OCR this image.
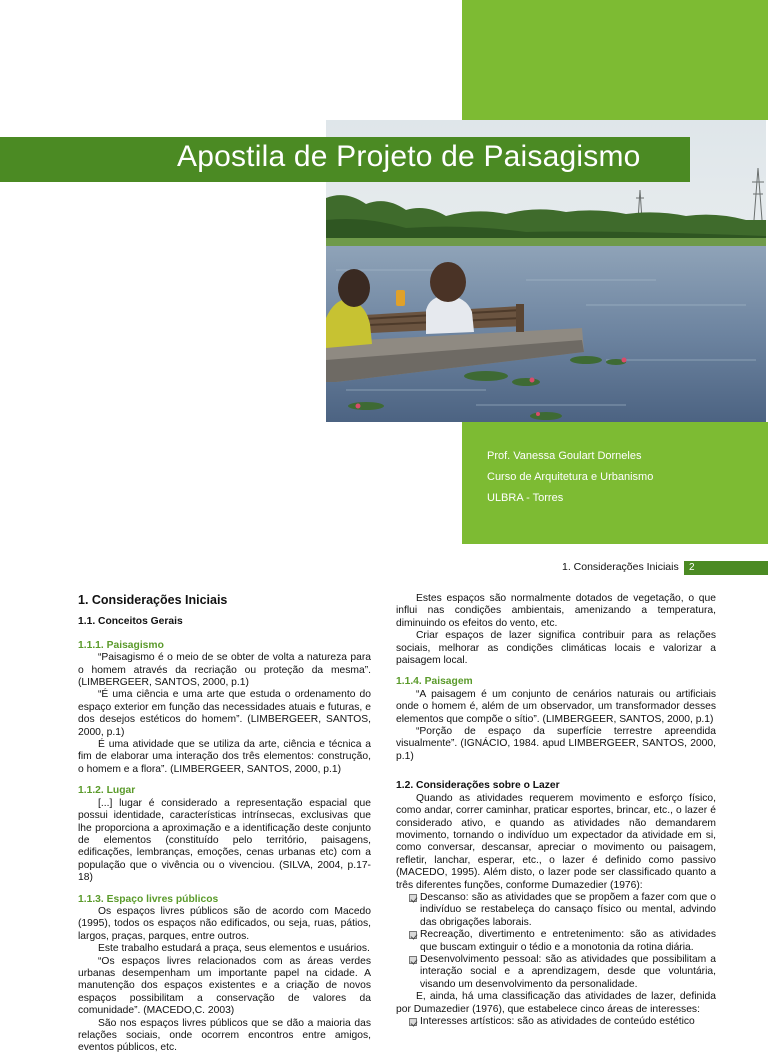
Apostila de Projeto de Paisagismo
Prof. Vanessa Goulart Dorneles
Curso de Arquitetura e Urbanismo
ULBRA - Torres
1. Considerações Iniciais	2
1. Considerações Iniciais
1.1. Conceitos Gerais
1.1.1. Paisagismo
“Paisagismo é o meio de se obter de volta a natureza para o homem através da recriação ou proteção da mesma”. (LIMBERGEER, SANTOS, 2000, p.1)
“É uma ciência e uma arte que estuda o ordenamento do espaço exterior em função das necessidades atuais e futuras, e dos desejos estéticos do homem”. (LIMBERGEER, SANTOS, 2000, p.1)
É uma atividade que se utiliza da arte, ciência e técnica a fim de elaborar uma interação dos três elementos: construção, o homem e a flora”. (LIMBERGEER, SANTOS, 2000, p.1)
1.1.2. Lugar
[...] lugar é considerado a representação espacial que possui identidade, características intrínsecas, exclusivas que lhe proporciona a aproximação e a identificação deste conjunto de elementos (constituído pelo território, paisagens, edificações, lembranças, emoções, cenas urbanas etc) com a população que o vivência ou o vivenciou. (SILVA, 2004, p.17-18)
1.1.3. Espaço livres públicos
Os espaços livres públicos são de acordo com Macedo (1995), todos os espaços não edificados, ou seja, ruas, pátios, largos, praças, parques, entre outros.
Este trabalho estudará a praça, seus elementos e usuários.
“Os espaços livres relacionados com as áreas verdes urbanas desempenham um importante papel na cidade. A manutenção dos espaços existentes e a criação de novos espaços possibilitam a conservação de valores da comunidade”. (MACEDO,C. 2003)
São nos espaços livres públicos que se dão a maioria das relações sociais, onde ocorrem encontros entre amigos, eventos públicos, etc.
Estes espaços são normalmente dotados de vegetação, o que influi nas condições ambientais, amenizando a temperatura, diminuindo os efeitos do vento, etc.
Criar espaços de lazer significa contribuir para as relações sociais, melhorar as condições climáticas locais e valorizar a paisagem local.
1.1.4. Paisagem
“A paisagem é um conjunto de cenários naturais ou artificiais onde o homem é, além de um observador, um transformador desses elementos que compõe o sítio”. (LIMBERGEER, SANTOS, 2000, p.1)
“Porção de espaço da superfície terrestre apreendida visualmente”. (IGNÁCIO, 1984. apud LIMBERGEER, SANTOS, 2000, p.1)
1.2. Considerações sobre o Lazer
Quando as atividades requerem movimento e esforço físico, como andar, correr caminhar, praticar esportes, brincar, etc., o lazer é considerado ativo, e quando as atividades não demandarem movimento, tornando o indivíduo um expectador da atividade em si, como conversar, descansar, apreciar o movimento ou paisagem, refletir, lanchar, esperar, etc., o lazer é definido como passivo (MACEDO, 1995). Além disto, o lazer pode ser classificado quanto a três diferentes funções, conforme Dumazedier (1976):
Descanso: são as atividades que se propõem a fazer com que o indivíduo se restabeleça do cansaço físico ou mental, advindo das obrigações laborais.
Recreação, divertimento e entretenimento: são as atividades que buscam extinguir o tédio e a monotonia da rotina diária.
Desenvolvimento pessoal: são as atividades que possibilitam a interação social e a aprendizagem, desde que voluntária, visando um desenvolvimento da personalidade.
E, ainda, há uma classificação das atividades de lazer, definida por Dumazedier (1976), que estabelece cinco áreas de interesses:
Interesses artísticos: são as atividades de conteúdo estético
